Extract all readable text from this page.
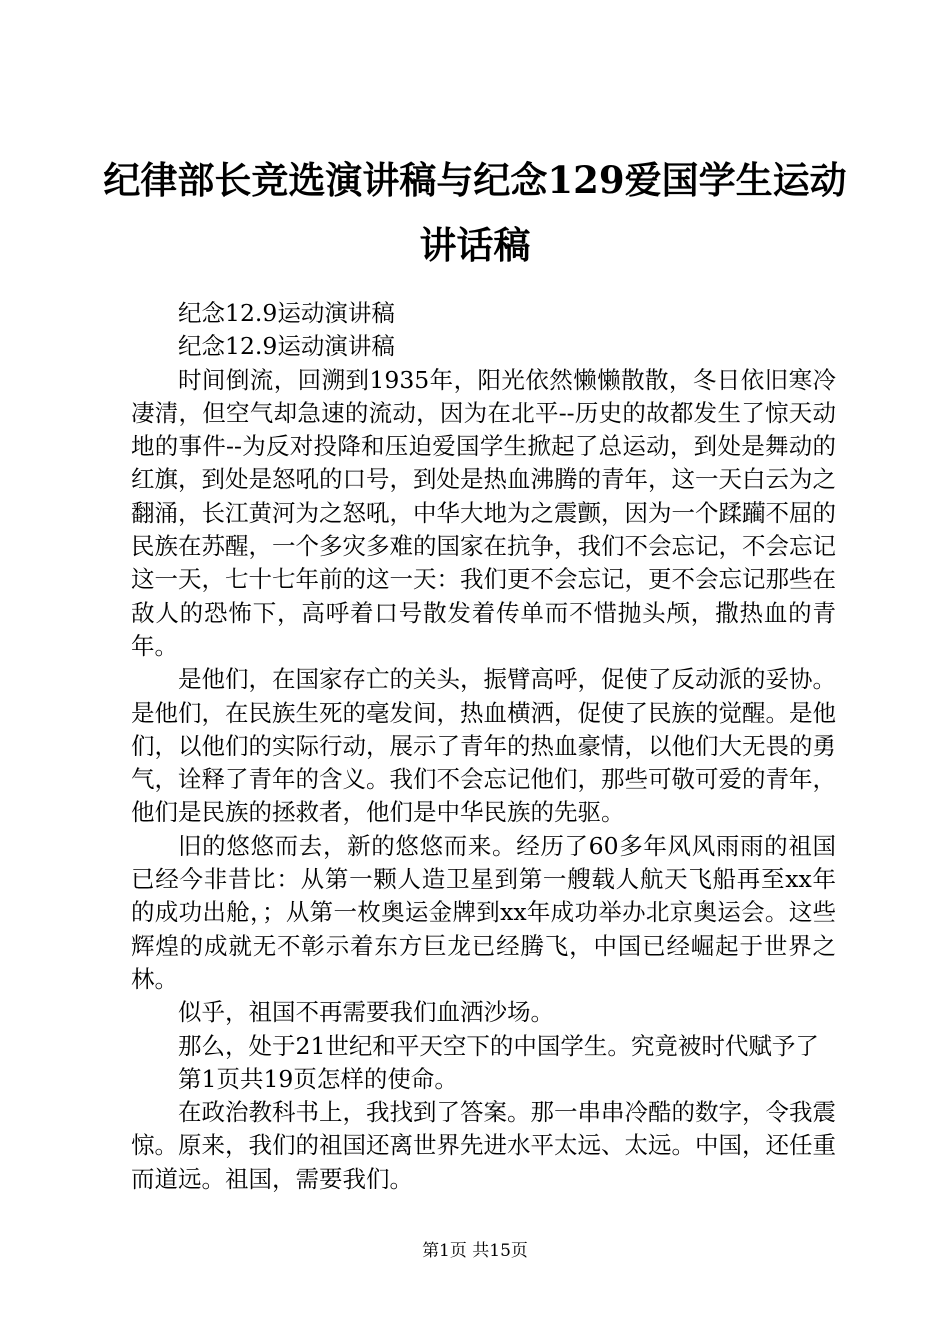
纪律部长竞选演讲稿与纪念129爱国学生运动
讲话稿

纪念12.9运动演讲稿

纪念12.9运动演讲稿

时间倒流，回溯到1935年，阳光依然懒懒散散，冬日依旧寒冷凄清，但空气却急速的流动，因为在北平--历史的故都发生了惊天动地的事件--为反对投降和压迫爱国学生掀起了总运动，到处是舞动的红旗，到处是怒吼的口号，到处是热血沸腾的青年，这一天白云为之翻涌，长江黄河为之怒吼，中华大地为之震颤，因为一个蹂躏不屈的民族在苏醒，一个多灾多难的国家在抗争，我们不会忘记，不会忘记这一天，七十七年前的这一天：我们更不会忘记，更不会忘记那些在敌人的恐怖下，高呼着口号散发着传单而不惜抛头颅，撒热血的青年。

是他们，在国家存亡的关头，振臂高呼，促使了反动派的妥协。是他们，在民族生死的毫发间，热血横洒，促使了民族的觉醒。是他们，以他们的实际行动，展示了青年的热血豪情，以他们大无畏的勇气，诠释了青年的含义。我们不会忘记他们，那些可敬可爱的青年，他们是民族的拯救者，他们是中华民族的先驱。

旧的悠悠而去，新的悠悠而来。经历了60多年风风雨雨的祖国已经今非昔比：从第一颗人造卫星到第一艘载人航天飞船再至xx年的成功出舱，；从第一枚奥运金牌到xx年成功举办北京奥运会。这些辉煌的成就无不彰示着东方巨龙已经腾飞，中国已经崛起于世界之林。

似乎，祖国不再需要我们血洒沙场。

那么，处于21世纪和平天空下的中国学生。究竟被时代赋予了

第1页共19页怎样的使命。

在政治教科书上，我找到了答案。那一串串冷酷的数字，令我震惊。原来，我们的祖国还离世界先进水平太远、太远。中国，还任重而道远。祖国，需要我们。

第1页 共15页
